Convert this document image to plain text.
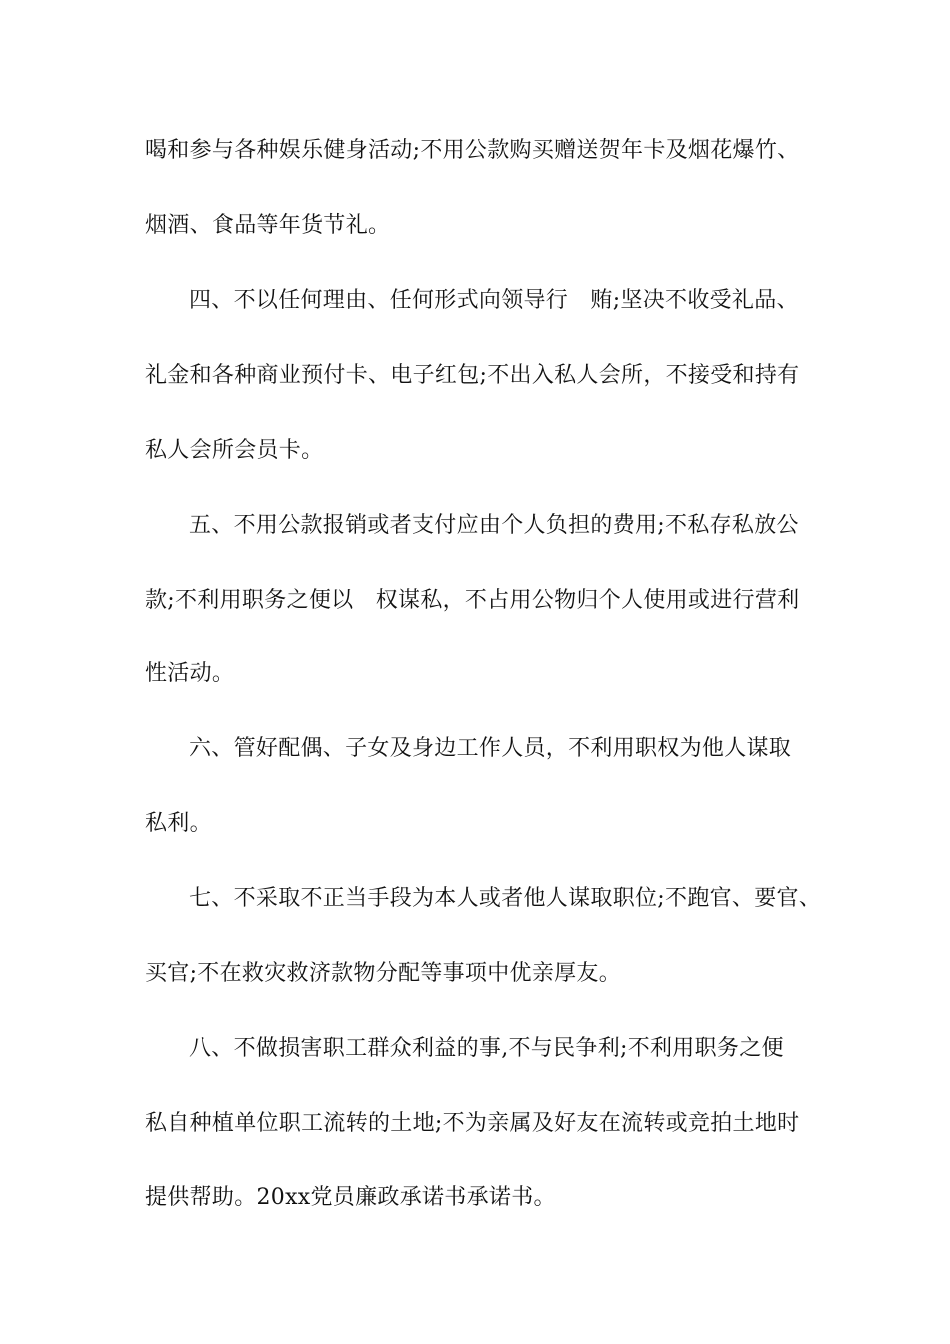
喝和参与各种娱乐健身活动;不用公款购买赠送贺年卡及烟花爆竹、
烟酒、食品等年货节礼。
四、不以任何理由、任何形式向领导行　贿;坚决不收受礼品、
礼金和各种商业预付卡、电子红包;不出入私人会所，不接受和持有
私人会所会员卡。
五、不用公款报销或者支付应由个人负担的费用;不私存私放公
款;不利用职务之便以　权谋私，不占用公物归个人使用或进行营利
性活动。
六、管好配偶、子女及身边工作人员，不利用职权为他人谋取
私利。
七、不采取不正当手段为本人或者他人谋取职位;不跑官、要官、
买官;不在救灾救济款物分配等事项中优亲厚友。
八、不做损害职工群众利益的事,不与民争利;不利用职务之便
私自种植单位职工流转的土地;不为亲属及好友在流转或竞拍土地时
提供帮助。20xx党员廉政承诺书承诺书。
